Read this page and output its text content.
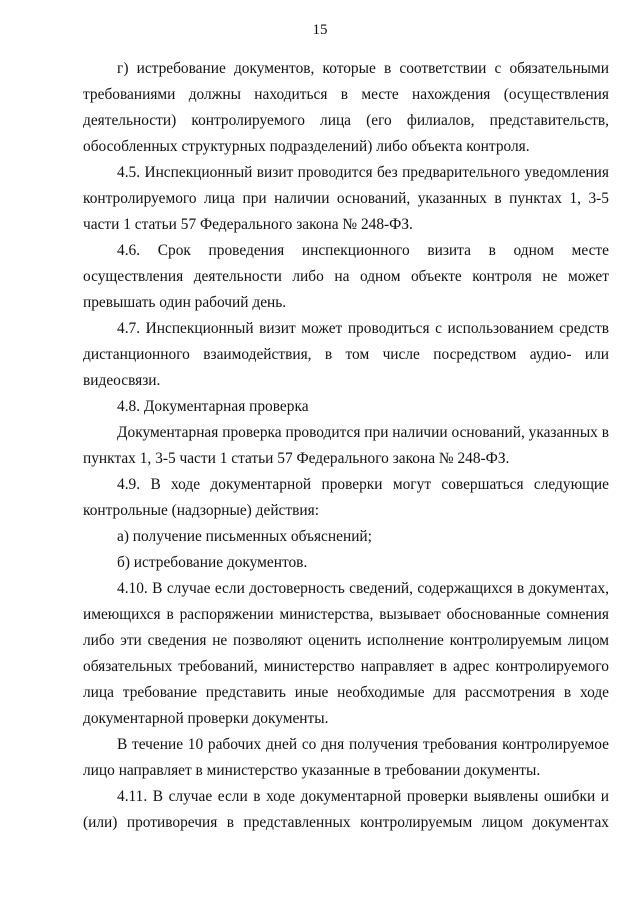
15

г) истребование документов, которые в соответствии с обязательными требованиями должны находиться в месте нахождения (осуществления деятельности) контролируемого лица (его филиалов, представительств, обособленных структурных подразделений) либо объекта контроля.

4.5. Инспекционный визит проводится без предварительного уведомления контролируемого лица при наличии оснований, указанных в пунктах 1, 3-5 части 1 статьи 57 Федерального закона № 248-ФЗ.

4.6. Срок проведения инспекционного визита в одном месте осуществления деятельности либо на одном объекте контроля не может превышать один рабочий день.

4.7. Инспекционный визит может проводиться с использованием средств дистанционного взаимодействия, в том числе посредством аудио- или видеосвязи.

4.8. Документарная проверка

Документарная проверка проводится при наличии оснований, указанных в пунктах 1, 3-5 части 1 статьи 57 Федерального закона № 248-ФЗ.

4.9. В ходе документарной проверки могут совершаться следующие контрольные (надзорные) действия:

а) получение письменных объяснений;

б) истребование документов.

4.10. В случае если достоверность сведений, содержащихся в документах, имеющихся в распоряжении министерства, вызывает обоснованные сомнения либо эти сведения не позволяют оценить исполнение контролируемым лицом обязательных требований, министерство направляет в адрес контролируемого лица требование представить иные необходимые для рассмотрения в ходе документарной проверки документы.

В течение 10 рабочих дней со дня получения требования контролируемое лицо направляет в министерство указанные в требовании документы.

4.11. В случае если в ходе документарной проверки выявлены ошибки и (или) противоречия в представленных контролируемым лицом документах
